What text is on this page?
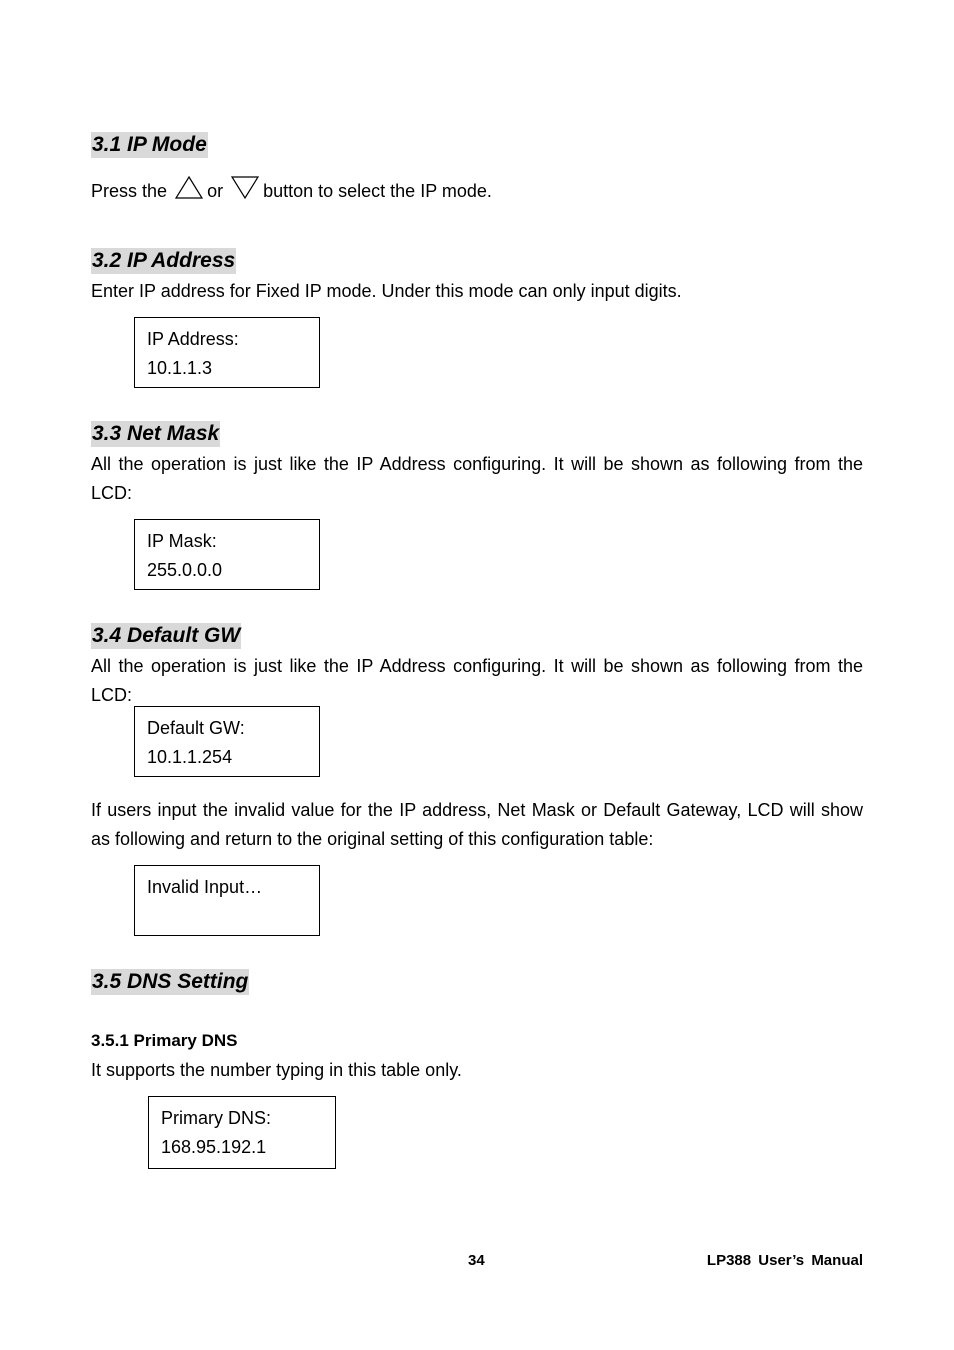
3.1 IP Mode
Press the or button to select the IP mode.
3.2 IP Address
Enter IP address for Fixed IP mode. Under this mode can only input digits.
IP Address:
10.1.1.3
3.3 Net Mask
All the operation is just like the IP Address configuring. It will be shown as following from the LCD:
IP Mask:
255.0.0.0
3.4 Default GW
All the operation is just like the IP Address configuring. It will be shown as following from the LCD:
Default GW:
10.1.1.254
If users input the invalid value for the IP address, Net Mask or Default Gateway, LCD will show as following and return to the original setting of this configuration table:
Invalid Input…
3.5 DNS Setting
3.5.1 Primary DNS
It supports the number typing in this table only.
Primary DNS:
168.95.192.1
34	LP388 User’s Manual
